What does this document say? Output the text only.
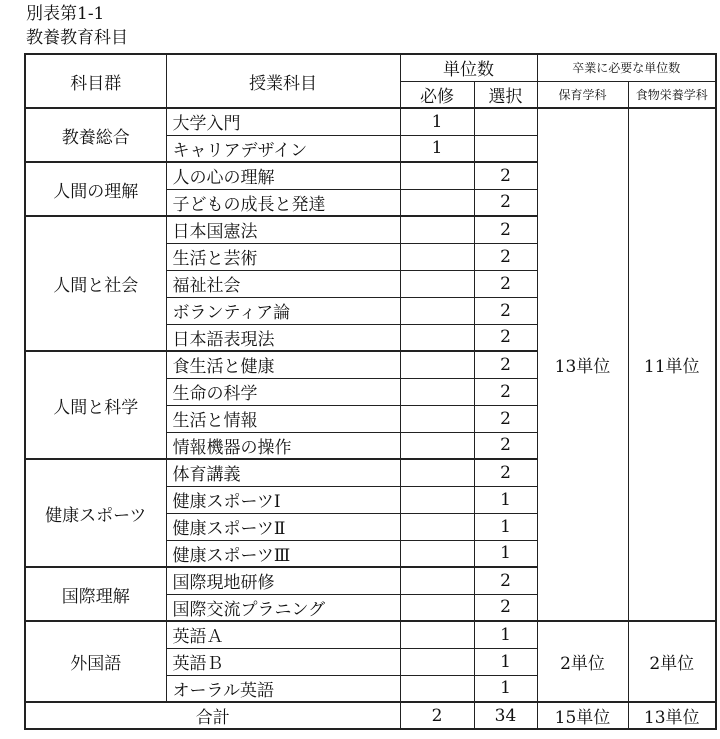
別表第1-1
教養教育科目
科目群	授業科目	単位数		卒業に必要な単位数	
		必修	選択	保育学科	食物栄養学科
教養総合	大学入門	1		13単位	11単位
	キャリアデザイン	1			
人間の理解	人の心の理解		2		
	子どもの成長と発達		2		
人間と社会	日本国憲法		2		
	生活と芸術		2		
	福祉社会		2		
	ボランティア論		2		
	日本語表現法		2		
人間と科学	食生活と健康		2		
	生命の科学		2		
	生活と情報		2		
	情報機器の操作		2		
健康スポーツ	体育講義		2		
	健康スポーツⅠ		1		
	健康スポーツⅡ		1		
	健康スポーツⅢ		1		
国際理解	国際現地研修		2		
	国際交流プラニング		2		
外国語	英語Ａ		1	2単位	2単位
	英語Ｂ		1		
	オーラル英語		1		
合計		2	34	15単位	13単位
